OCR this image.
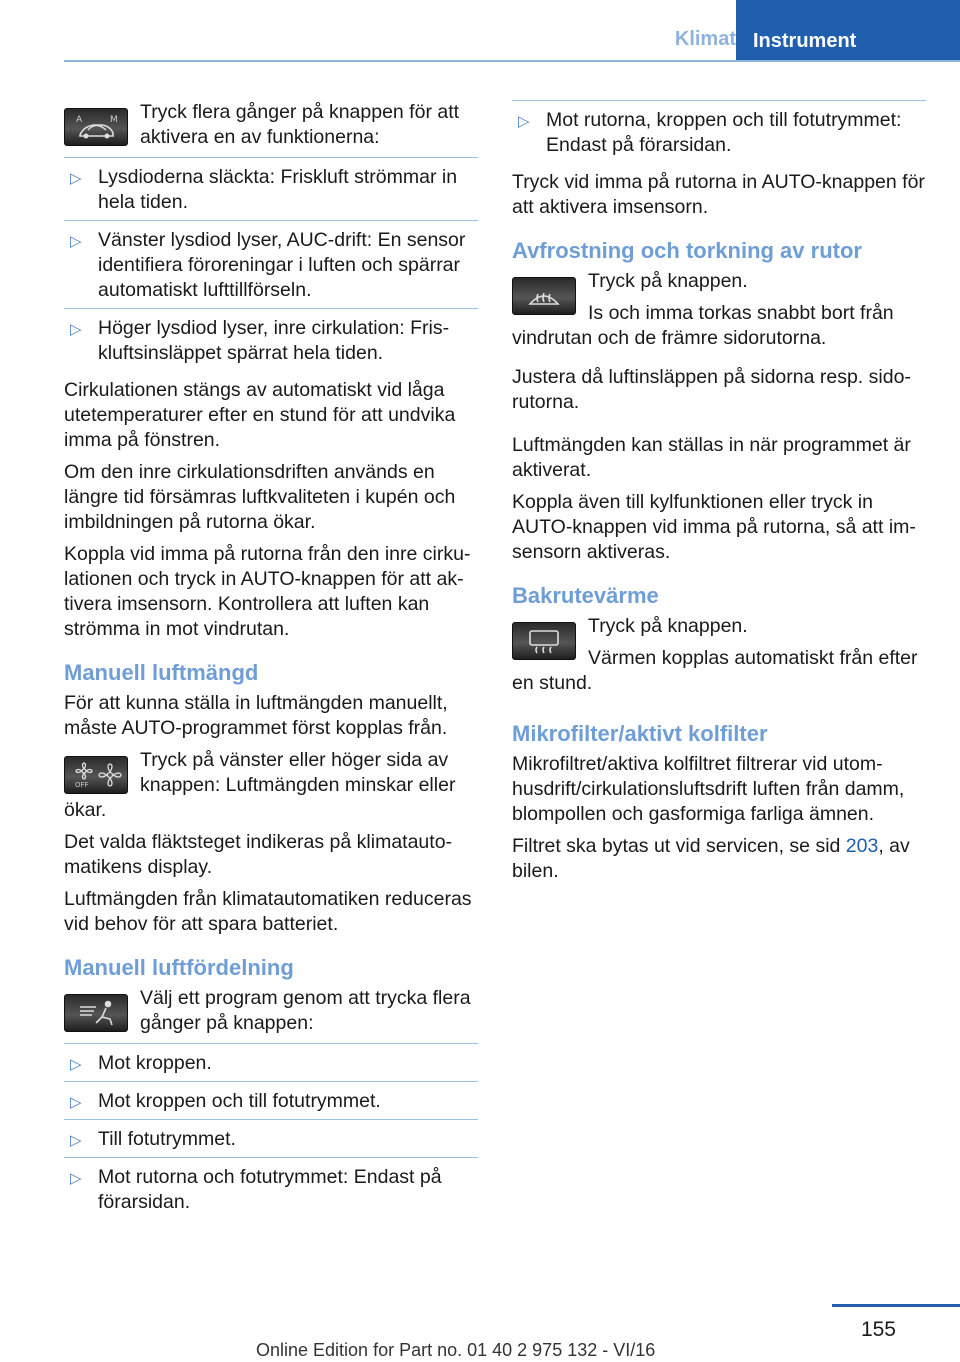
Klimat Instrument
A	M Tryck flera gånger på knappen för att aktivera en av funktionerna:
▷ Lysdioderna släckta: Friskluft strömmar in hela tiden.
▷ Vänster lysdiod lyser, AUC-drift: En sensor identifiera föroreningar i luften och spärrar automatiskt lufttillförseln.
▷ Höger lysdiod lyser, inre cirkulation: Friskluftsinsläppet spärrat hela tiden.

Cirkulationen stängs av automatiskt vid låga utetemperaturer efter en stund för att undvika imma på fönstren.

Om den inre cirkulationsdriften används en längre tid försämras luftkvaliteten i kupén och imbildningen på rutorna ökar.

Koppla vid imma på rutorna från den inre cirkulationen och tryck in AUTO-knappen för att aktivera imsensorn. Kontrollera att luften kan strömma in mot vindrutan.

Manuell luftmängd

För att kunna ställa in luftmängden manuellt, måste AUTO-programmet först kopplas från.

OFF
Tryck på vänster eller höger sida av knappen: Luftmängden minskar eller ökar.

Det valda fläktsteget indikeras på klimatautomatikens display.

Luftmängden från klimatautomatiken reduceras vid behov för att spara batteriet.

Manuell luftfördelning
Välj ett program genom att trycka flera gånger på knappen:
▷ Mot kroppen.
▷ Mot kroppen och till fotutrymmet.
▷ Till fotutrymmet.
▷ Mot rutorna och fotutrymmet: Endast på förarsidan.
▷ Mot rutorna, kroppen och till fotutrymmet: Endast på förarsidan.

Tryck vid imma på rutorna in AUTO-knappen för att aktivera imsensorn.

Avfrostning och torkning av rutor

Tryck på knappen.

Is och imma torkas snabbt bort från vindrutan och de främre sidorutorna.

Justera då luftinsläppen på sidorna resp. sidorutorna.

Luftmängden kan ställas in när programmet är aktiverat.

Koppla även till kylfunktionen eller tryck in AUTO-knappen vid imma på rutorna, så att imsensorn aktiveras.

Bakrutevärme

Tryck på knappen.

Värmen kopplas automatiskt från efter en stund.

Mikrofilter/aktivt kolfilter

Mikrofiltret/aktiva kolfiltret filtrerar vid utomhusdrift/cirkulationsluftsdrift luften från damm, blompollen och gasformiga farliga ämnen.

Filtret ska bytas ut vid servicen, se sid 203, av bilen.

155
Online Edition for Part no. 01 40 2 975 132 - VI/16
